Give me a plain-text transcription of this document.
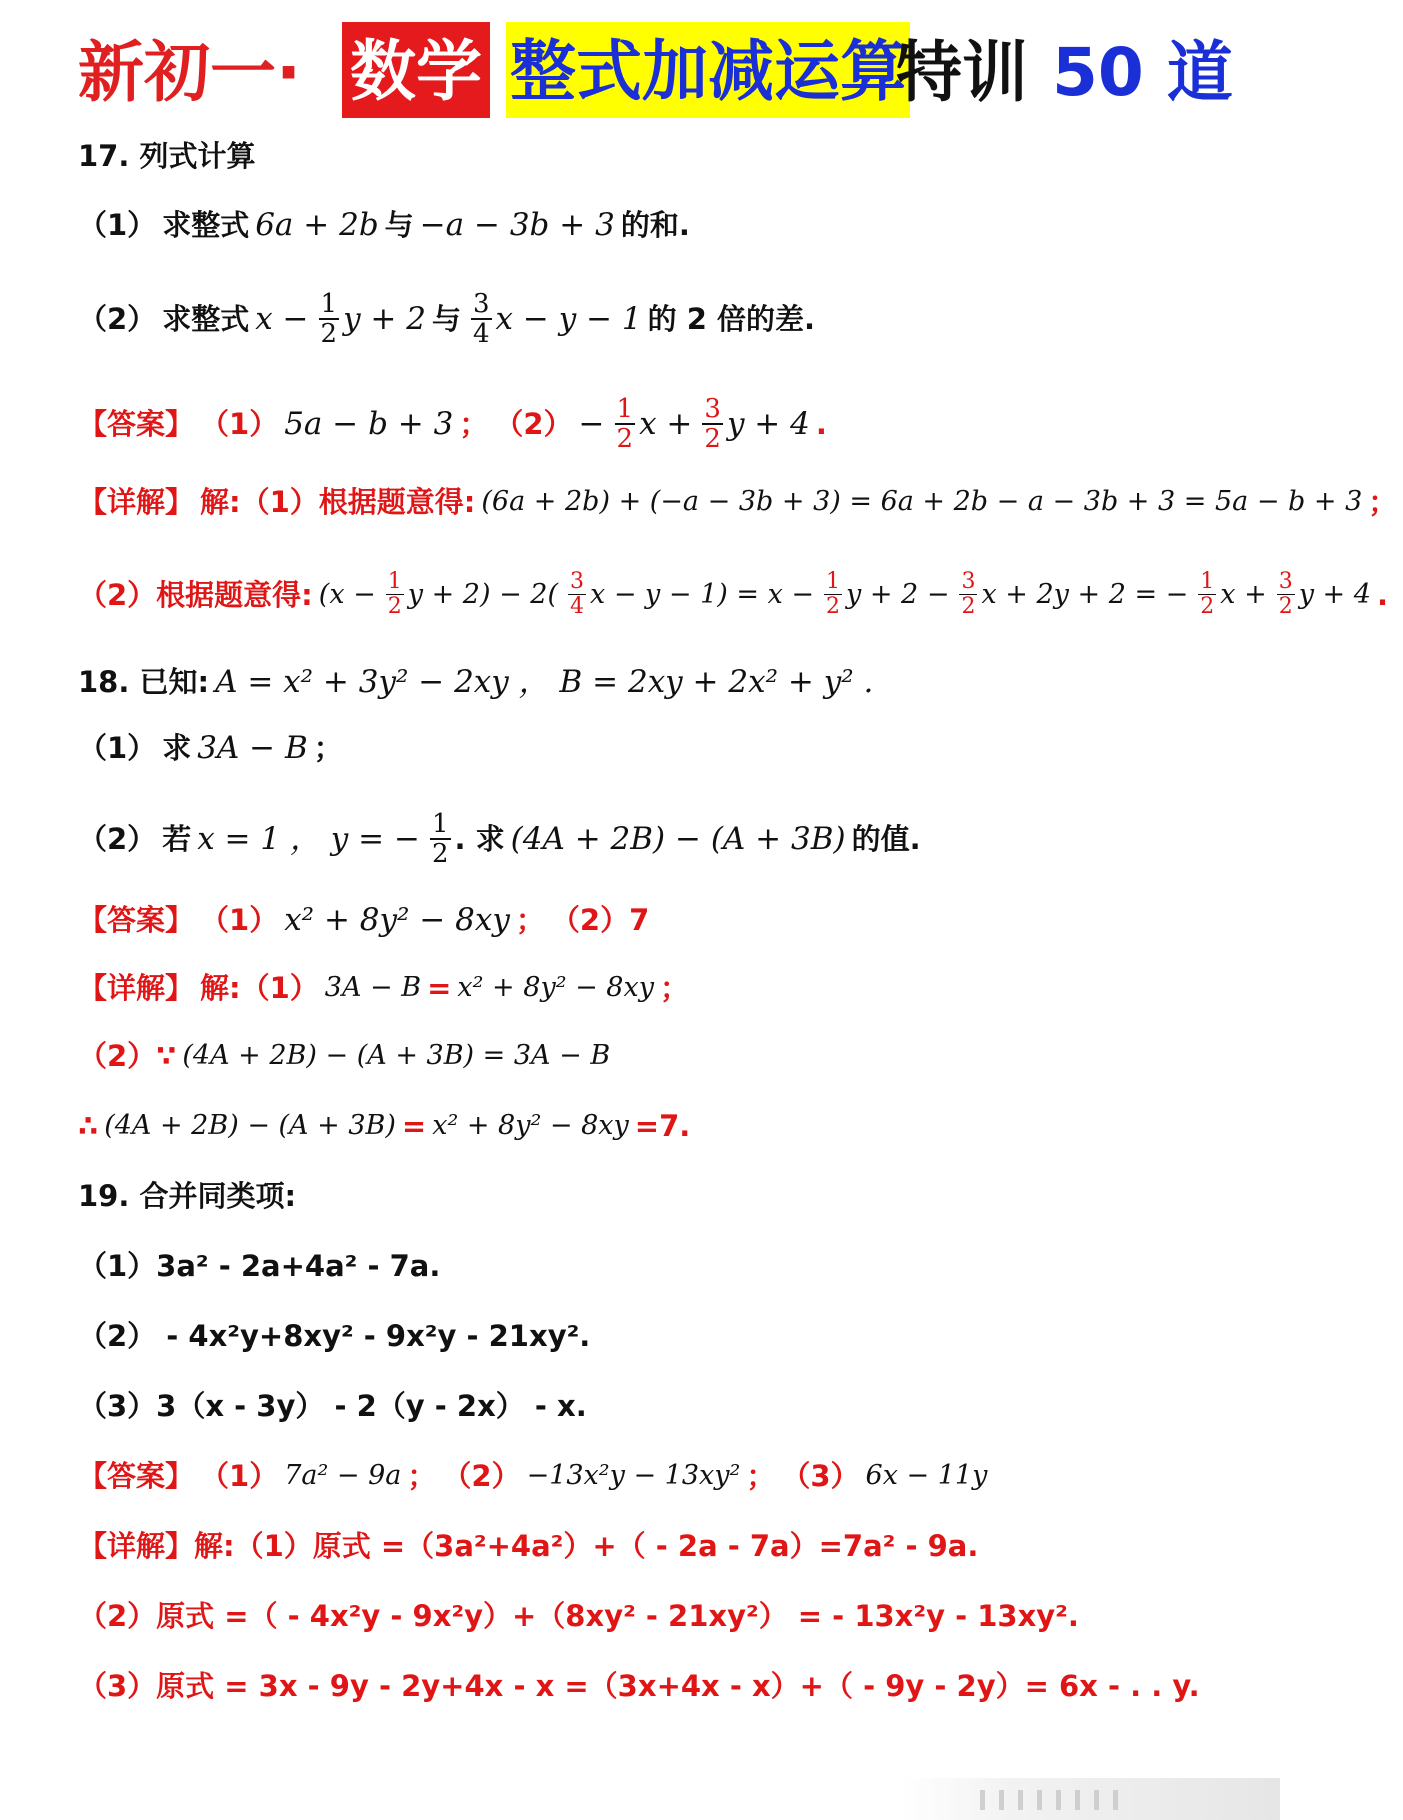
新初一· 数学 整式加减运算
特训 50 道
17. 列式计算
（1） 求整式 6a + 2b 与 −a − 3b + 3 的和.
（2） 求整式 $x - \frac{1}{2}$ y + 2 与 $\frac{3}{4}$ x − y − 1 的 2 倍的差.
【答案】 （1） 5a − b + 3 ； $(2) - \frac{1}{2}$ $x + \frac{3}{2}$ y + 4 .
【详解】 解:（1）根据题意得: (6a + 2b) + (−a − 3b + 3) = 6a + 2b − a − 3b + 3 = 5a − b + 3 ；
（2）根据题意得: ($x - \frac{1}{2}$ $y + 2) - 2( \frac{3}{4}$ $x - y - 1) = x - \frac{1}{2}$ $y + 2 - \frac{3}{2}$ x + 2y + 2 = − $\frac{1}{2}$ $x + \frac{3}{2}$ y + 4 .
18. 已知: A = x² + 3y² − 2xy ， B = 2xy + 2x² + y² .
（1） 求 3A − B ；
（2） 若 x = 1 ， y = − $\frac{1}{2}$ . 求 (4A + 2B) − (A + 3B) 的值.
【答案】 （1） x² + 8y² − 8xy ； （2）7
【详解】 解:（1） 3A − B = x² + 8y² − 8xy ；
（2）∵ (4A + 2B) − (A + 3B) = 3A − B
∴ (4A + 2B) − (A + 3B) = x² + 8y² − 8xy =7.
19. 合并同类项:
（1）3a² - 2a+4a² - 7a.
（2） - 4x²y+8xy² - 9x²y - 21xy².
（3）3（x - 3y） - 2（y - 2x） - x.
【答案】 （1） 7a² − 9a ； （2） −13x²y − 13xy² ； （3） 6x − 11y
【详解】解:（1）原式 =（3a²+4a²）+（ - 2a - 7a）=7a² - 9a.
（2）原式 =（ - 4x²y - 9x²y）+（8xy² - 21xy²） = - 13x²y - 13xy².
（3）原式 = 3x - 9y - 2y+4x - x =（3x+4x - x）+（ - 9y - 2y）= 6x - . . y.
